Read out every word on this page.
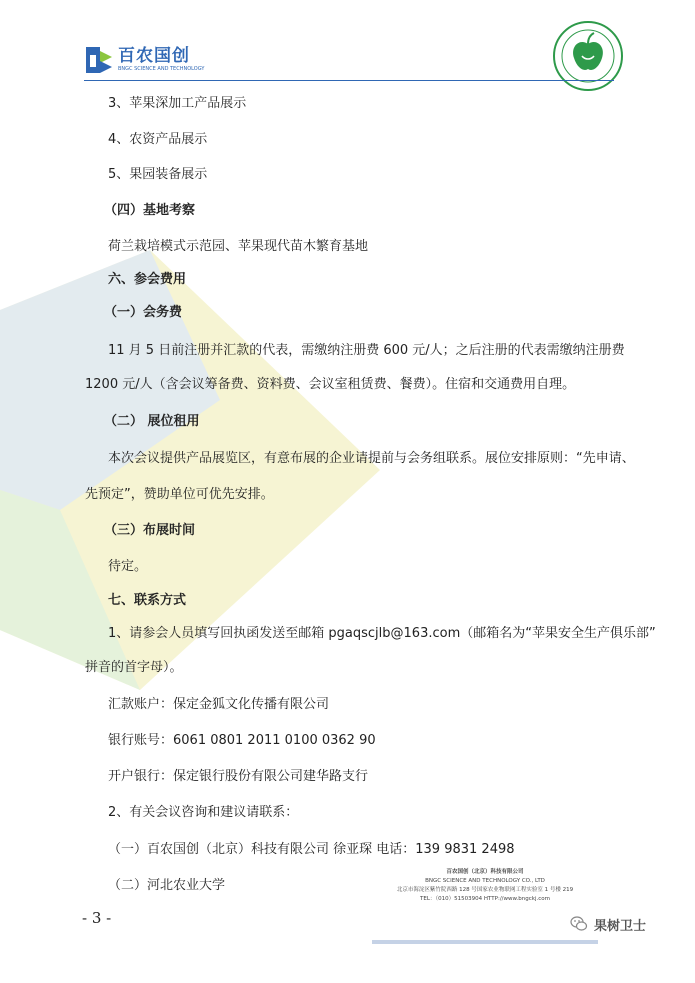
百农国创
BNGC SCIENCE AND TECHNOLOGY
3、苹果深加工产品展示
4、农资产品展示
5、果园装备展示
（四）基地考察
荷兰栽培模式示范园、苹果现代苗木繁育基地
六、参会费用
（一）会务费
11 月 5 日前注册并汇款的代表，需缴纳注册费 600 元/人；之后注册的代表需缴纳注册费
1200 元/人（含会议筹备费、资料费、会议室租赁费、餐费）。住宿和交通费用自理。
（二） 展位租用
本次会议提供产品展览区，有意布展的企业请提前与会务组联系。展位安排原则：“先申请、
先预定”，赞助单位可优先安排。
（三）布展时间
待定。
七、联系方式
1、请参会人员填写回执函发送至邮箱 pgaqscjlb@163.com（邮箱名为“苹果安全生产俱乐部”
拼音的首字母）。
汇款账户：保定金狐文化传播有限公司
银行账号：6061 0801 2011 0100 0362 90
开户银行：保定银行股份有限公司建华路支行
2、有关会议咨询和建议请联系：
（一）百农国创（北京）科技有限公司 徐亚琛 电话：139 9831 2498
（二）河北农业大学
- 3 -
百农国创（北京）科技有限公司
BNGC SCIENCE AND TECHNOLOGY CO., LTD
北京市海淀区紫竹院西路 128 号国家农业物联网工程实验室 1 号楼 219
TEL：（010）51503904 HTTP://www.bngckj.com
果树卫士
